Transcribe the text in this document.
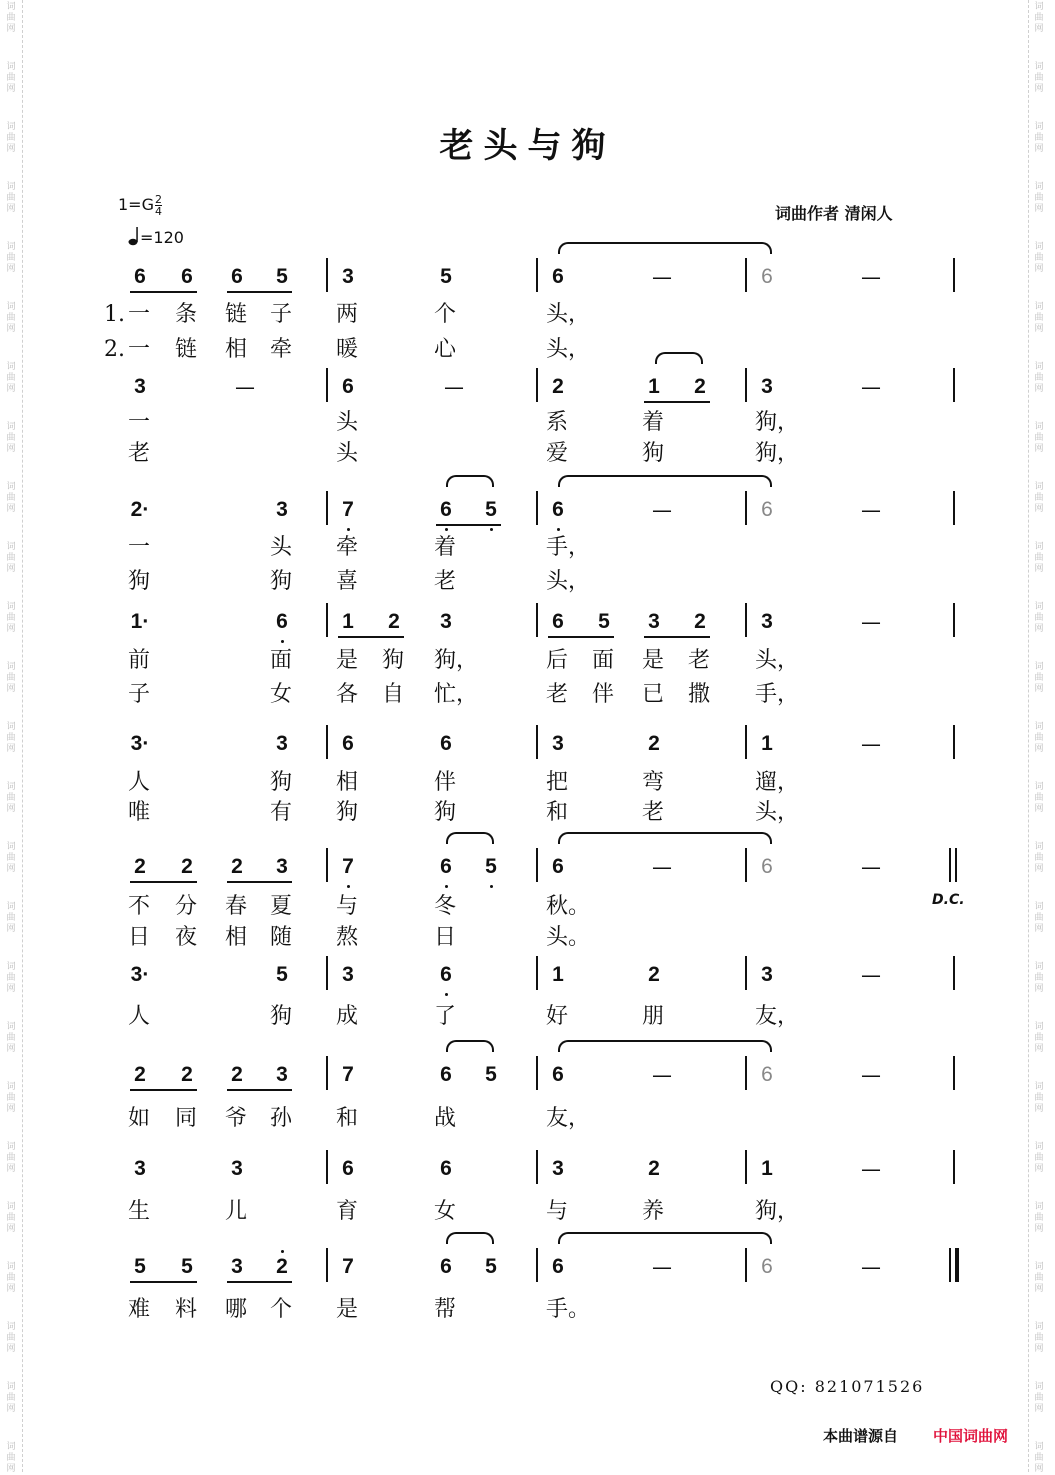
词
曲
网
词
曲
网
词
曲
网
词
曲
网
词
曲
网
词
曲
网
词
曲
网
词
曲
网
词
曲
网
词
曲
网
词
曲
网
词
曲
网
词
曲
网
词
曲
网
词
曲
网
词
曲
网
词
曲
网
词
曲
网
词
曲
网
词
曲
网
词
曲
网
词
曲
网
词
曲
网
词
曲
网
词
曲
网
词
曲
网
词
曲
网
词
曲
网
词
曲
网
词
曲
网
词
曲
网
词
曲
网
词
曲
网
词
曲
网
词
曲
网
词
曲
网
词
曲
网
词
曲
网
词
曲
网
词
曲
网
词
曲
网
词
曲
网
词
曲
网
词
曲
网
词
曲
网
词
曲
网
词
曲
网
词
曲
网
词
曲
网
词
曲
网
老头与狗
$1=G \frac{2}{4}$
=120
词曲作者 清闲人
6 6 6 5	3	5	6	—	6	—
一 条 链 子 两	个	头，
一 链 相 牵 暖	心	头，
3	—	6	—	2	1 2	3	—
一	头	系	着	狗，
老	头	爱	狗	狗，
2·	3	7	6 5	6	—	6	—
一	头 牵	着	手，
狗	狗 喜	老	头，
1·	6	1 2 3	6 5 3 2	3	—
前	面 是 狗 狗，	后 面 是 老 头，
子	女 各 自 忙，	老 伴 已 撒 手，
3·	3	6	6	3	2	1	—
人	狗 相	伴	把	弯	遛，
唯	有 狗	狗	和	老	头，
2 2 2 3	7	6 5	6	—	6	—
不 分 春 夏 与	冬	秋。
日 夜 相 随 熬	日	头。
3·	5	3	6	1	2	3	—
人	狗 成	了	好	朋	友，
2 2 2 3	7	6 5	6	—	6	—
如 同 爷 孙 和	战	友，
3	3	6	6	3	2	1	—
生	儿	育	女	与	养	狗，
5 5 3 2	7	6 5	6	—	6	—
难 料 哪 个 是	帮	手。
1.
2.
D.C.
QQ: 821071526
本曲谱源自 中国词曲网
